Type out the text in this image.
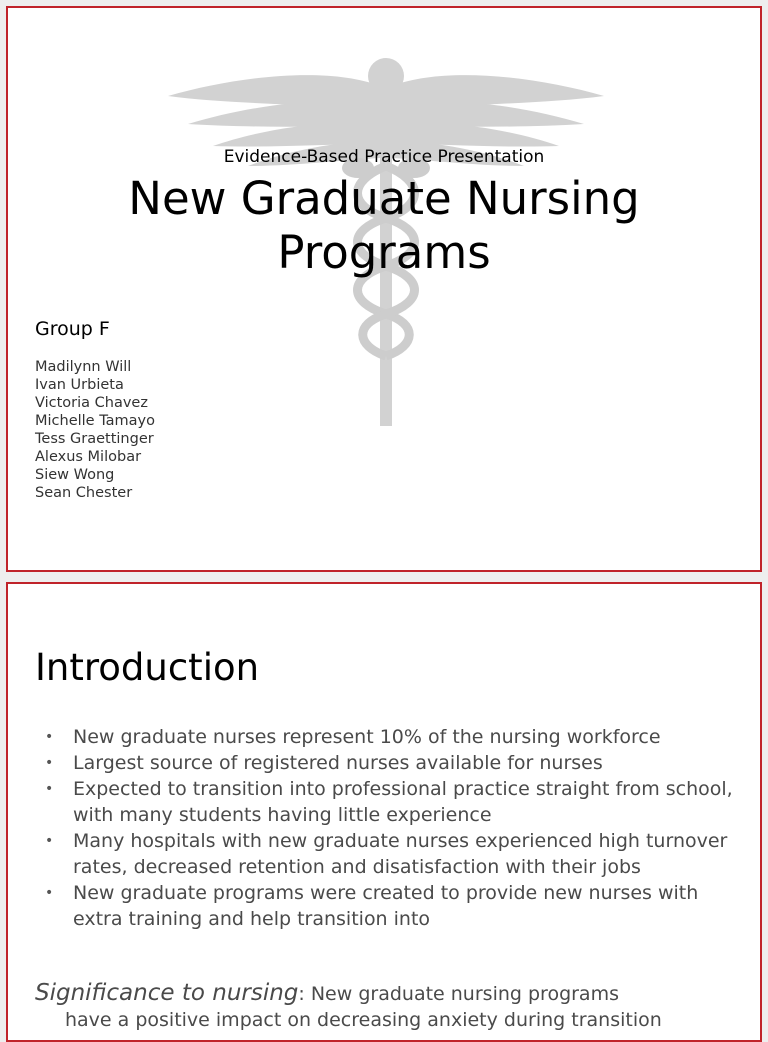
Evidence-Based Practice Presentation
New Graduate Nursing
Programs
Group F
Madilynn Will
Ivan Urbieta
Victoria Chavez
Michelle Tamayo
Tess Graettinger
Alexus Milobar
Siew Wong
Sean Chester
Introduction
• New graduate nurses represent 10% of the nursing workforce
• Largest source of registered nurses available for nurses
• Expected to transition into professional practice straight from school, with many students having little experience
• Many hospitals with new graduate nurses experienced high turnover rates, decreased retention and disatisfaction with their jobs
• New graduate programs were created to provide new nurses with extra training and help transition into
Significance to nursing: New graduate nursing programs
have a positive impact on decreasing anxiety during transition
